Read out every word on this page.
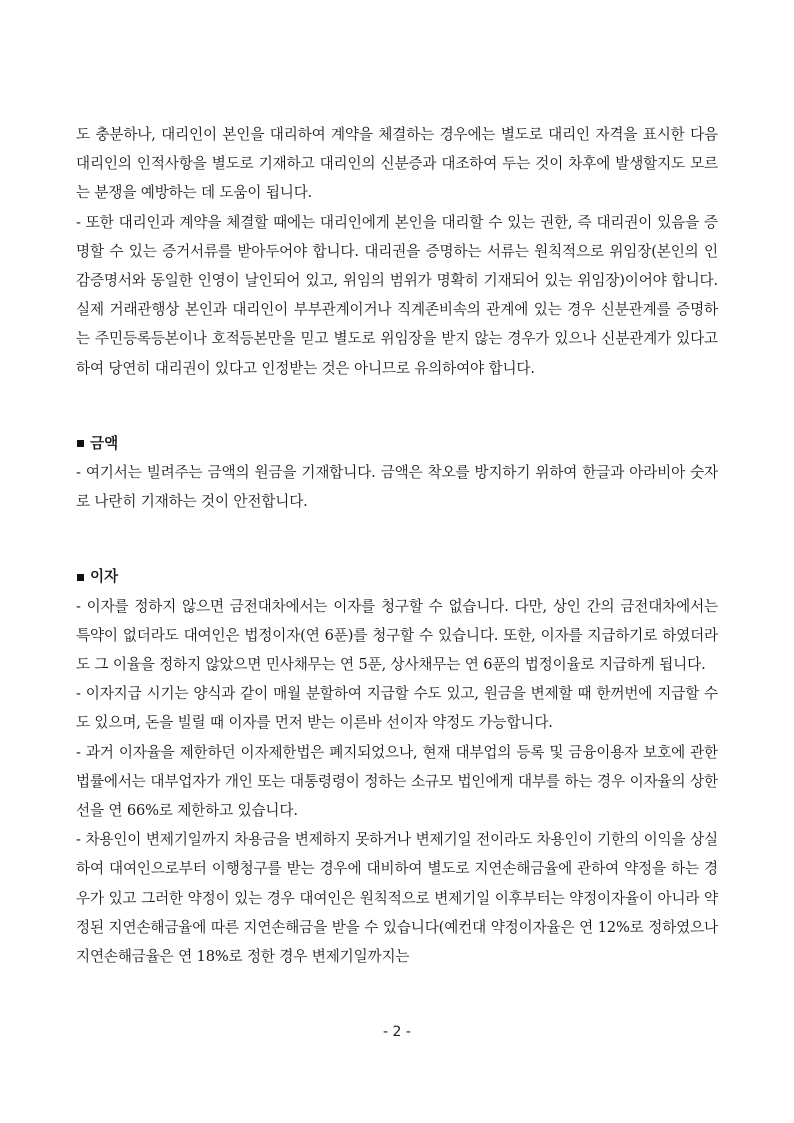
도 충분하나, 대리인이 본인을 대리하여 계약을 체결하는 경우에는 별도로 대리인 자격을 표시한 다음 대리인의 인적사항을 별도로 기재하고 대리인의 신분증과 대조하여 두는 것이 차후에 발생할지도 모르는 분쟁을 예방하는 데 도움이 됩니다.

- 또한 대리인과 계약을 체결할 때에는 대리인에게 본인을 대리할 수 있는 권한, 즉 대리권이 있음을 증명할 수 있는 증거서류를 받아두어야 합니다. 대리권을 증명하는 서류는 원칙적으로 위임장(본인의 인감증명서와 동일한 인영이 날인되어 있고, 위임의 범위가 명확히 기재되어 있는 위임장)이어야 합니다. 실제 거래관행상 본인과 대리인이 부부관계이거나 직계존비속의 관계에 있는 경우 신분관계를 증명하는 주민등록등본이나 호적등본만을 믿고 별도로 위임장을 받지 않는 경우가 있으나 신분관계가 있다고 하여 당연히 대리권이 있다고 인정받는 것은 아니므로 유의하여야 합니다.

금액

- 여기서는 빌려주는 금액의 원금을 기재합니다. 금액은 착오를 방지하기 위하여 한글과 아라비아 숫자로 나란히 기재하는 것이 안전합니다.

이자

- 이자를 정하지 않으면 금전대차에서는 이자를 청구할 수 없습니다. 다만, 상인 간의 금전대차에서는 특약이 없더라도 대여인은 법정이자(연 6푼)를 청구할 수 있습니다. 또한, 이자를 지급하기로 하였더라도 그 이율을 정하지 않았으면 민사채무는 연 5푼, 상사채무는 연 6푼의 법정이율로 지급하게 됩니다.

- 이자지급 시기는 양식과 같이 매월 분할하여 지급할 수도 있고, 원금을 변제할 때 한꺼번에 지급할 수도 있으며, 돈을 빌릴 때 이자를 먼저 받는 이른바 선이자 약정도 가능합니다.

- 과거 이자율을 제한하던 이자제한법은 폐지되었으나, 현재 대부업의 등록 및 금융이용자 보호에 관한 법률에서는 대부업자가 개인 또는 대통령령이 정하는 소규모 법인에게 대부를 하는 경우 이자율의 상한선을 연 66%로 제한하고 있습니다.

- 차용인이 변제기일까지 차용금을 변제하지 못하거나 변제기일 전이라도 차용인이 기한의 이익을 상실하여 대여인으로부터 이행청구를 받는 경우에 대비하여 별도로 지연손해금율에 관하여 약정을 하는 경우가 있고 그러한 약정이 있는 경우 대여인은 원칙적으로 변제기일 이후부터는 약정이자율이 아니라 약정된 지연손해금율에 따른 지연손해금을 받을 수 있습니다(예컨대 약정이자율은 연 12%로 정하였으나 지연손해금율은 연 18%로 정한 경우 변제기일까지는

- 2 -
